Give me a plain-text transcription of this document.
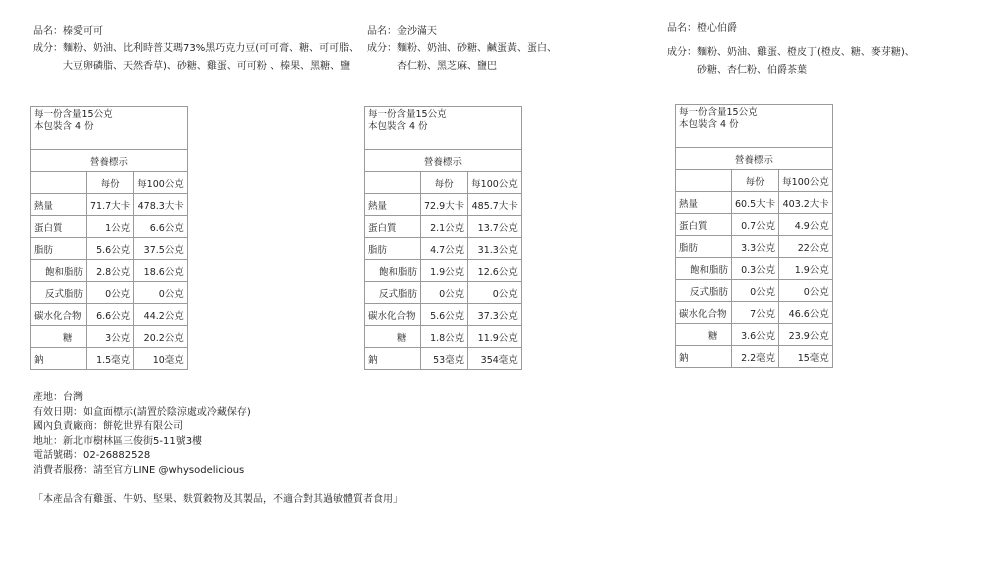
品名：榛愛可可
成分：麵粉、奶油、比利時普艾瑪73%黑巧克力豆(可可膏、糖、可可脂、
大豆卵磷脂、天然香草)、砂糖、雞蛋、可可粉 、榛果、黑糖、鹽
每一份含量15公克
本包裝含 4 份		

營養標示		
	每份	每100公克
熱量	71.7大卡	478.3大卡
蛋白質	1公克	6.6公克
脂肪	5.6公克	37.5公克
飽和脂肪	2.8公克	18.6公克
反式脂肪	0公克	0公克
碳水化合物	6.6公克	44.2公克
糖	3公克	20.2公克
鈉	1.5毫克	10毫克
品名：金沙滿天
成分：麵粉、奶油、砂糖、鹹蛋黃、蛋白、
杏仁粉、黑芝麻、鹽巴
每一份含量15公克
本包裝含 4 份		

營養標示		
	每份	每100公克
熱量	72.9大卡	485.7大卡
蛋白質	2.1公克	13.7公克
脂肪	4.7公克	31.3公克
飽和脂肪	1.9公克	12.6公克
反式脂肪	0公克	0公克
碳水化合物	5.6公克	37.3公克
糖	1.8公克	11.9公克
鈉	53毫克	354毫克
品名：橙心伯爵
成分：麵粉、奶油、雞蛋、橙皮丁(橙皮、糖、麥芽糖)、
砂糖、杏仁粉、伯爵茶葉
每一份含量15公克
本包裝含 4 份		

營養標示		
	每份	每100公克
熱量	60.5大卡	403.2大卡
蛋白質	0.7公克	4.9公克
脂肪	3.3公克	22公克
飽和脂肪	0.3公克	1.9公克
反式脂肪	0公克	0公克
碳水化合物	7公克	46.6公克
糖	3.6公克	23.9公克
鈉	2.2毫克	15毫克
產地：台灣
有效日期：如盒面標示(請置於陰涼處或冷藏保存)
國內負責廠商：餅乾世界有限公司
地址：新北市樹林區三俊街5-11號3樓
電話號碼：02-26882528
消費者服務：請至官方LINE @whysodelicious
「本產品含有雞蛋、牛奶、堅果、麩質穀物及其製品，不適合對其過敏體質者食用」
